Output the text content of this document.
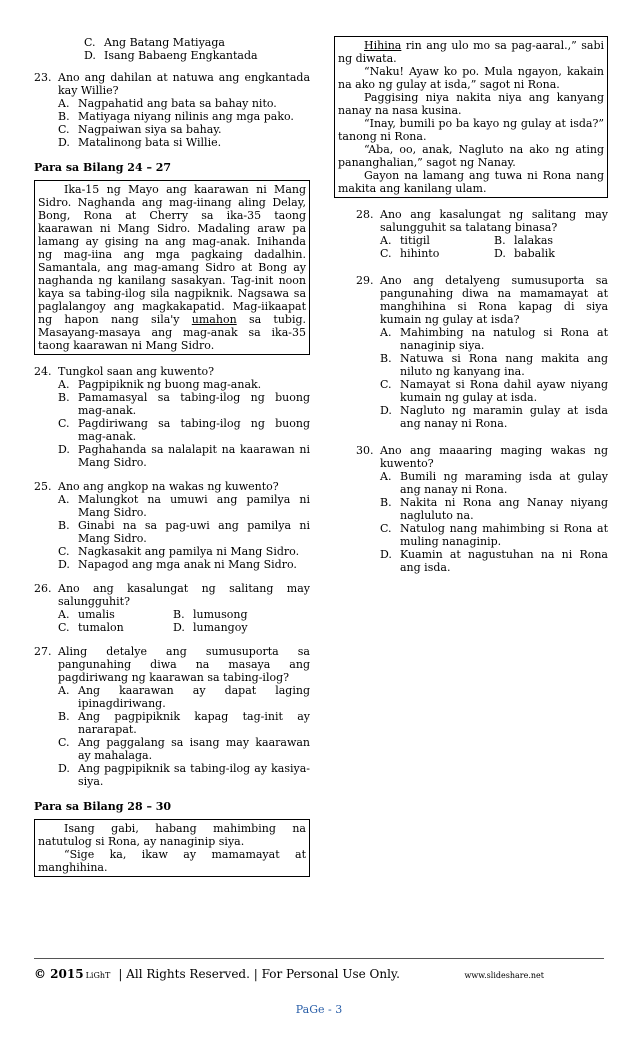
C. Ang Batang Matiyaga
D. Isang Babaeng Engkantada
23. Ano ang dahilan at natuwa ang engkantada kay Willie?
A. Nagpahatid ang bata sa bahay nito.
B. Matiyaga niyang nilinis ang mga pako.
C. Nagpaiwan siya sa bahay.
D. Matalinong bata si Willie.
Para sa Bilang 24 – 27
Ika-15 ng Mayo ang kaarawan ni Mang Sidro. Naghanda ang mag-iinang aling Delay, Bong, Rona at Cherry sa ika-35 taong kaarawan ni Mang Sidro. Madaling araw pa lamang ay gising na ang mag-anak. Inihanda ng mag-iina ang mga pagkaing dadalhin. Samantala, ang mag-amang Sidro at Bong ay naghanda ng kanilang sasakyan. Tag-init noon kaya sa tabing-ilog sila nagpiknik. Nagsawa sa paglalangoy ang magkakapatid. Mag-iikaapat ng hapon nang sila'y umahon sa tubig. Masayang-masaya ang mag-anak sa ika-35 taong kaarawan ni Mang Sidro.
24. Tungkol saan ang kuwento?
A. Pagpipiknik ng buong mag-anak.
B. Pamamasyal sa tabing-ilog ng buong mag-anak.
C. Pagdiriwang sa tabing-ilog ng buong mag-anak.
D. Paghahanda sa nalalapit na kaarawan ni Mang Sidro.
25. Ano ang angkop na wakas ng kuwento?
A. Malungkot na umuwi ang pamilya ni Mang Sidro.
B. Ginabi na sa pag-uwi ang pamilya ni Mang Sidro.
C. Nagkasakit ang pamilya ni Mang Sidro.
D. Napagod ang mga anak ni Mang Sidro.
26. Ano ang kasalungat ng salitang may salungguhit?
A. umalis	B. lumusong
C. tumalon	D. lumangoy
27. Aling detalye ang sumusuporta sa pangunahing diwa na masaya ang pagdiriwang ng kaarawan sa tabing-ilog?
A. Ang kaarawan ay dapat laging ipinagdiriwang.
B. Ang pagpipiknik kapag tag-init ay nararapat.
C. Ang paggalang sa isang may kaarawan ay mahalaga.
D. Ang pagpipiknik sa tabing-ilog ay kasiya-siya.
Para sa Bilang 28 – 30
Isang gabi, habang mahimbing na natutulog si Rona, ay nanaginip siya.
“Sige ka, ikaw ay mamamayat at manghihina.
Hihina rin ang ulo mo sa pag-aaral.,” sabi ng diwata.
“Naku! Ayaw ko po. Mula ngayon, kakain na ako ng gulay at isda,” sagot ni Rona.
Paggising niya nakita niya ang kanyang nanay na nasa kusina.
“Inay, bumili po ba kayo ng gulay at isda?” tanong ni Rona.
“Aba, oo, anak, Nagluto na ako ng ating pananghalian,” sagot ng Nanay.
Gayon na lamang ang tuwa ni Rona nang makita ang kanilang ulam.
28. Ano ang kasalungat ng salitang may salungguhit sa talatang binasa?
A. titigil	B. lalakas
C. hihinto	D. babalik
29. Ano ang detalyeng sumusuporta sa pangunahing diwa na mamamayat at manghihina si Rona kapag di siya kumain ng gulay at isda?
A. Mahimbing na natulog si Rona at nanaginip siya.
B. Natuwa si Rona nang makita ang niluto ng kanyang ina.
C. Namayat si Rona dahil ayaw niyang kumain ng gulay at isda.
D. Nagluto ng maramin gulay at isda ang nanay ni Rona.
30. Ano ang maaaring maging wakas ng kuwento?
A. Bumili ng maraming isda at gulay ang nanay ni Rona.
B. Nakita ni Rona ang Nanay niyang nagluluto na.
C. Natulog nang mahimbing si Rona at muling nanaginip.
D. Kuamin at nagustuhan na ni Rona ang isda.
© 2015 LiGhT | All Rights Reserved. | For Personal Use Only.	www.slideshare.net
PaGe - 3
